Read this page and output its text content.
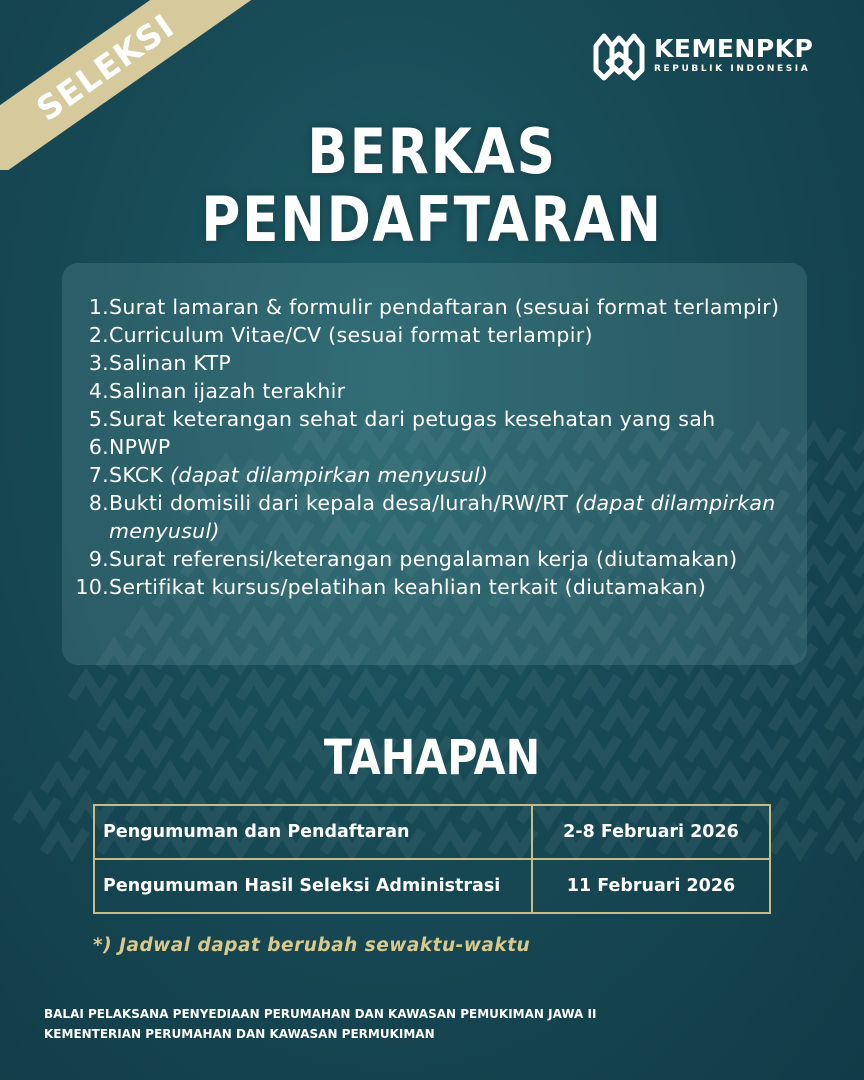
SELEKSI	KEMENPKP
REPUBLIK INDONESIA
BERKAS
PENDAFTARAN
1. Surat lamaran & formulir pendaftaran (sesuai format terlampir)
2. Curriculum Vitae/CV (sesuai format terlampir)
3. Salinan KTP
4. Salinan ijazah terakhir
5. Surat keterangan sehat dari petugas kesehatan yang sah
6. NPWP
7. SKCK (dapat dilampirkan menyusul)
8. Bukti domisili dari kepala desa/lurah/RW/RT (dapat dilampirkan menyusul)
9. Surat referensi/keterangan pengalaman kerja (diutamakan)
10. Sertifikat kursus/pelatihan keahlian terkait (diutamakan)
TAHAPAN
Pengumuman dan Pendaftaran	2-8 Februari 2026
Pengumuman Hasil Seleksi Administrasi	11 Februari 2026
*) Jadwal dapat berubah sewaktu-waktu
BALAI PELAKSANA PENYEDIAAN PERUMAHAN DAN KAWASAN PEMUKIMAN JAWA II
KEMENTERIAN PERUMAHAN DAN KAWASAN PERMUKIMAN
